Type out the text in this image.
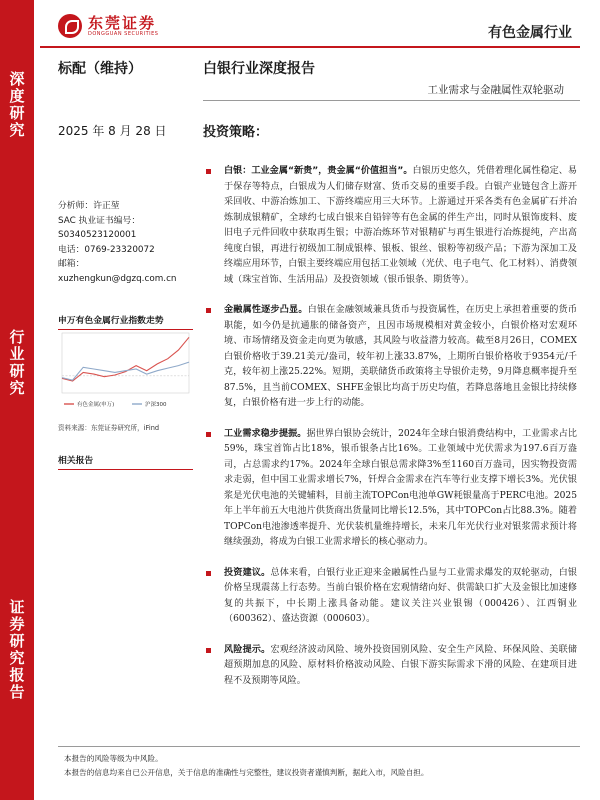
深度研究
行业研究
证券研究报告
东莞证券
DONGGUAN SECURITIES	有色金属行业
标配（维持）	白银行业深度报告
工业需求与金融属性双轮驱动
2025 年 8 月 28 日	投资策略：
分析师：许正堃
SAC 执业证书编号：
S0340523120001
电话：0769-23320072
邮箱：
xuzhengkun@dgzq.com.cn
申万有色金属行业指数走势
有色金属(申万)	沪深300
资料来源：东莞证券研究所，iFind
相关报告
白银：工业金属“新贵”，贵金属“价值担当”。白银历史悠久，凭借着理化属性稳定、易于保存等特点，白银成为人们储存财富、货币交易的重要手段。白银产业链包含上游开采回收、中游冶炼加工、下游终端应用三大环节。上游通过开采各类有色金属矿石并冶炼制成银精矿，全球约七成白银来自铅锌等有色金属的伴生产出，同时从银饰废料、废旧电子元件回收中获取再生银；中游冶炼环节对银精矿与再生银进行冶炼提纯，产出高纯度白银，再进行初级加工制成银棒、银板、银丝、银粉等初级产品；下游为深加工及终端应用环节，白银主要终端应用包括工业领域（光伏、电子电气、化工材料）、消费领域（珠宝首饰、生活用品）及投资领域（银币银条、期货等）。
金融属性逐步凸显。白银在金融领域兼具货币与投资属性，在历史上承担着重要的货币职能，如今仍是抗通胀的储备资产，且因市场规模相对黄金较小，白银价格对宏观环境、市场情绪及资金走向更为敏感，其风险与收益潜力较高。截至8月26日，COMEX白银价格收于39.21美元/盎司，较年初上涨33.87%，上期所白银价格收于9354元/千克，较年初上涨25.22%。短期，美联储货币政策将主导银价走势，9月降息概率提升至87.5%，且当前COMEX、SHFE金银比均高于历史均值，若降息落地且金银比持续修复，白银价格有进一步上行的动能。
工业需求稳步提振。据世界白银协会统计，2024年全球白银消费结构中，工业需求占比59%，珠宝首饰占比18%，银币银条占比16%。工业领域中光伏需求为197.6百万盎司，占总需求约17%。2024年全球白银总需求降3%至1160百万盎司，因实物投资需求走弱，但中国工业需求增长7%，钎焊合金需求在汽车等行业支撑下增长3%。光伏银浆是光伏电池的关键辅料，目前主流TOPCon电池单GW耗银量高于PERC电池。2025年上半年前五大电池片供货商出货量同比增长12.5%，其中TOPCon占比88.3%。随着TOPCon电池渗透率提升、光伏装机量维持增长，未来几年光伏行业对银浆需求预计将继续强劲，将成为白银工业需求增长的核心驱动力。
投资建议。总体来看，白银行业正迎来金融属性凸显与工业需求爆发的双轮驱动，白银价格呈现震荡上行态势。当前白银价格在宏观情绪向好、供需缺口扩大及金银比加速修复的共振下，中长期上涨具备动能。建议关注兴业银锡（000426）、江西铜业（600362）、盛达资源（000603）。
风险提示。宏观经济波动风险、境外投资国别风险、安全生产风险、环保风险、美联储超预期加息的风险、原材料价格波动风险、白银下游实际需求下滑的风险、在建项目进程不及预期等风险。
本报告的风险等级为中风险。
本报告的信息均来自已公开信息，关于信息的准确性与完整性，建议投资者谨慎判断，据此入市，风险自担。
